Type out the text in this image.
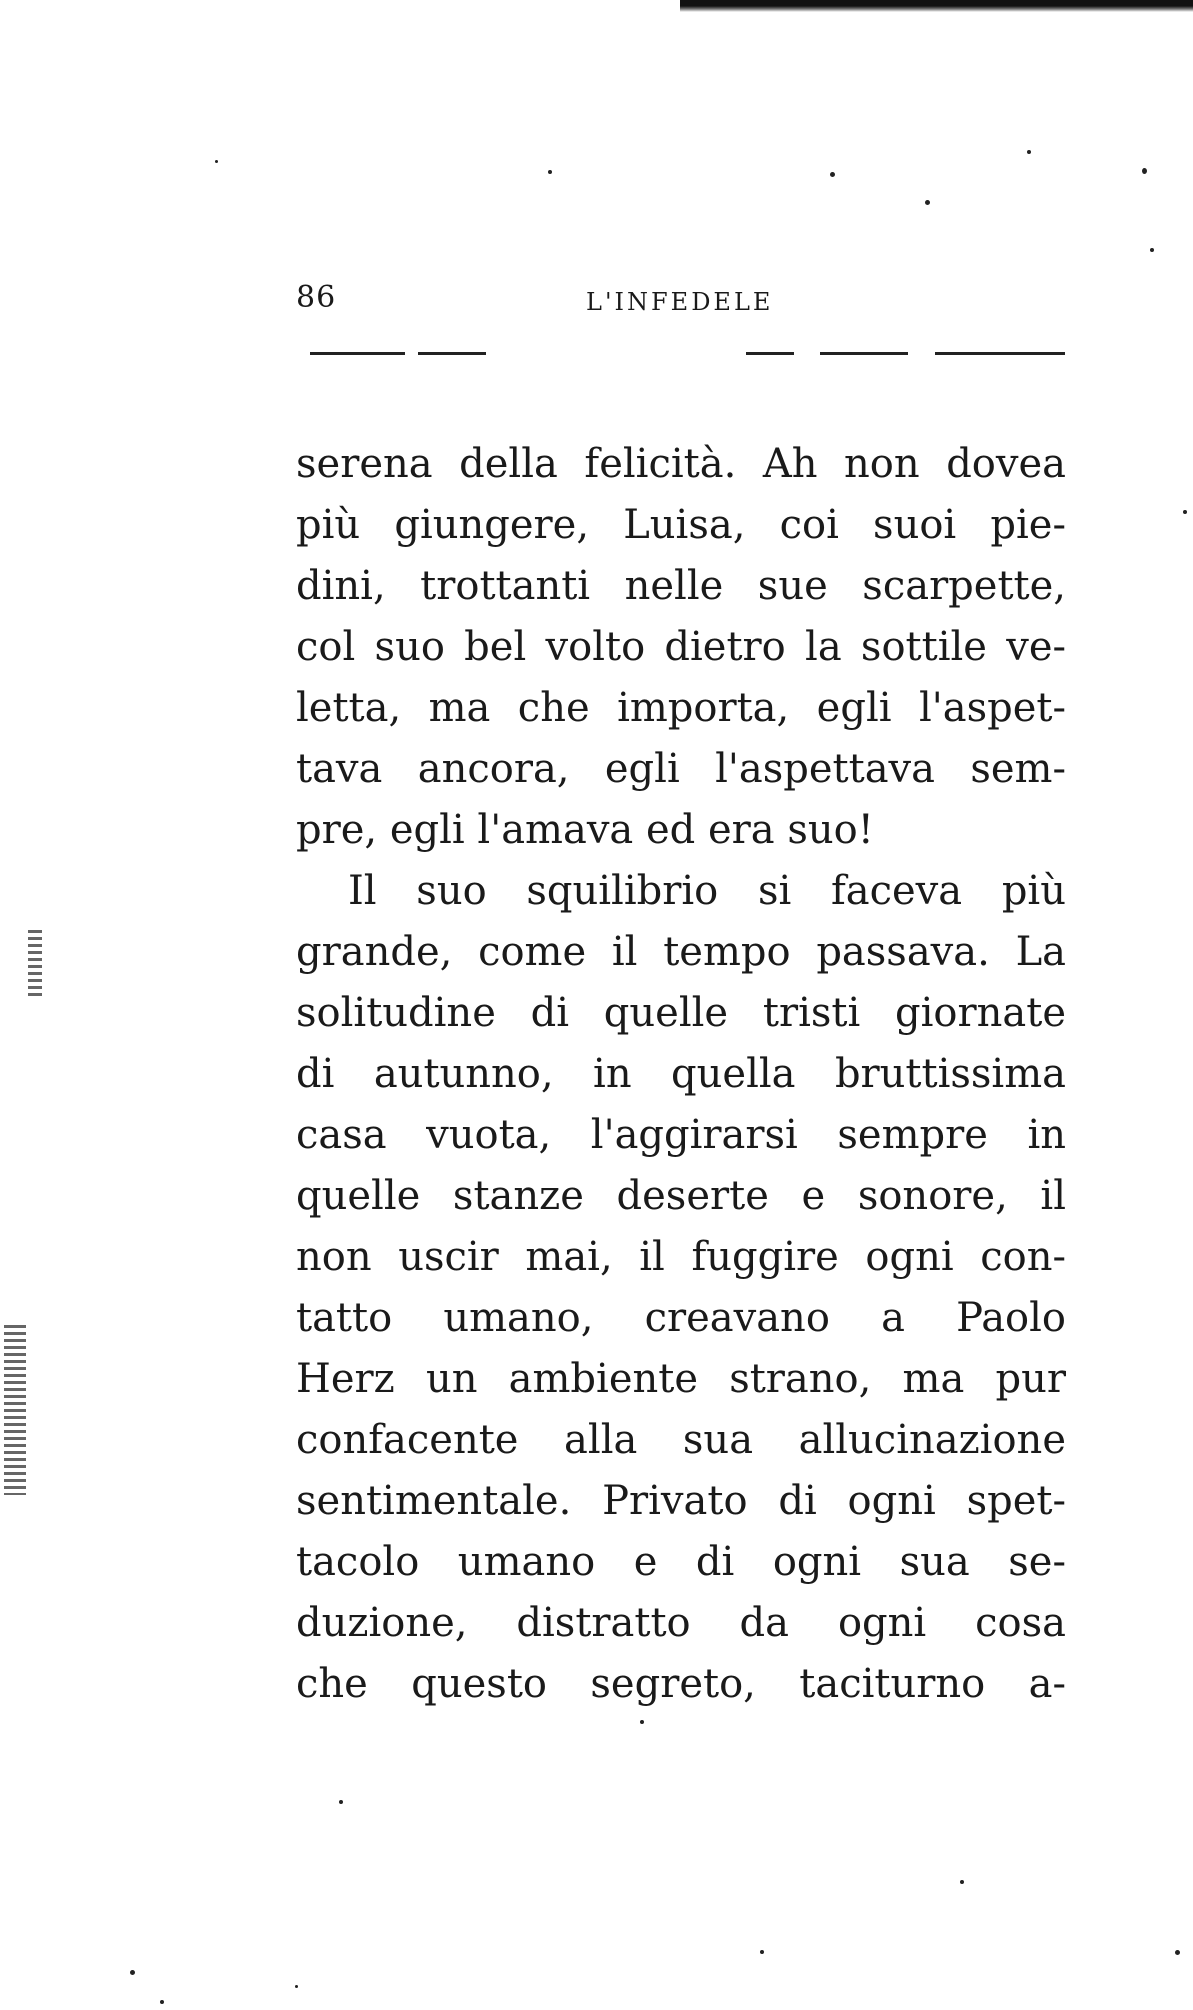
86	L'INFEDELE
serena della felicità. Ah non dovea
più giungere, Luisa, coi suoi pie-
dini, trottanti nelle sue scarpette,
col suo bel volto dietro la sottile ve-
letta, ma che importa, egli l'aspet-
tava ancora, egli l'aspettava sem-
pre, egli l'amava ed era suo!
Il suo squilibrio si faceva più
grande, come il tempo passava. La
solitudine di quelle tristi giornate
di autunno, in quella bruttissima
casa vuota, l'aggirarsi sempre in
quelle stanze deserte e sonore, il
non uscir mai, il fuggire ogni con-
tatto umano, creavano a Paolo
Herz un ambiente strano, ma pur
confacente alla sua allucinazione
sentimentale. Privato di ogni spet-
tacolo umano e di ogni sua se-
duzione, distratto da ogni cosa
che questo segreto, taciturno a-
